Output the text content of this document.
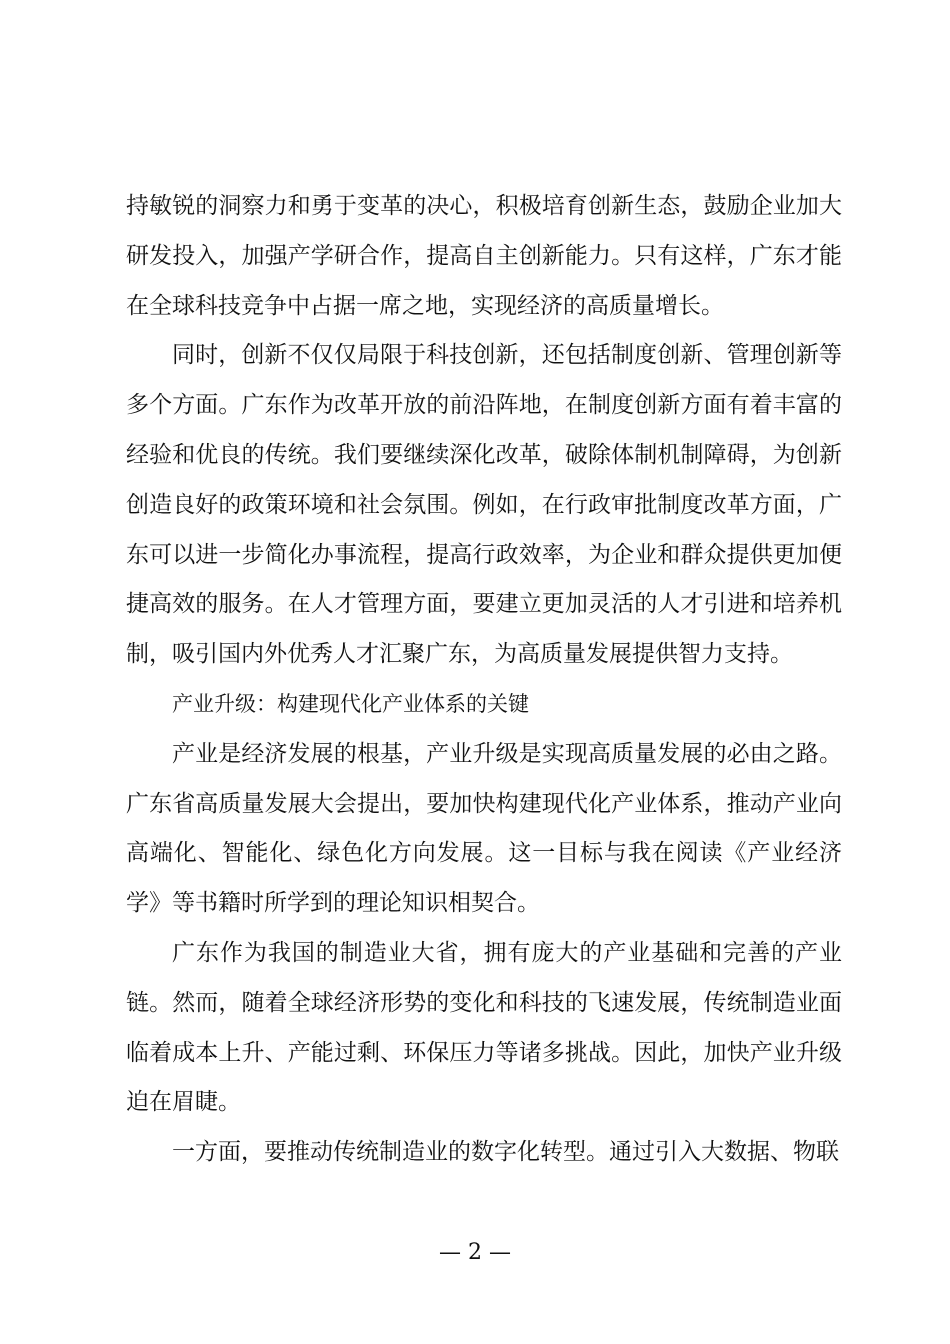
持敏锐的洞察力和勇于变革的决心，积极培育创新生态，鼓励企业加大研发投入，加强产学研合作，提高自主创新能力。只有这样，广东才能在全球科技竞争中占据一席之地，实现经济的高质量增长。

同时，创新不仅仅局限于科技创新，还包括制度创新、管理创新等多个方面。广东作为改革开放的前沿阵地，在制度创新方面有着丰富的经验和优良的传统。我们要继续深化改革，破除体制机制障碍，为创新创造良好的政策环境和社会氛围。例如，在行政审批制度改革方面，广东可以进一步简化办事流程，提高行政效率，为企业和群众提供更加便捷高效的服务。在人才管理方面，要建立更加灵活的人才引进和培养机制，吸引国内外优秀人才汇聚广东，为高质量发展提供智力支持。

产业升级：构建现代化产业体系的关键

产业是经济发展的根基，产业升级是实现高质量发展的必由之路。广东省高质量发展大会提出，要加快构建现代化产业体系，推动产业向高端化、智能化、绿色化方向发展。这一目标与我在阅读《产业经济学》等书籍时所学到的理论知识相契合。

广东作为我国的制造业大省，拥有庞大的产业基础和完善的产业链。然而，随着全球经济形势的变化和科技的飞速发展，传统制造业面临着成本上升、产能过剩、环保压力等诸多挑战。因此，加快产业升级迫在眉睫。

一方面，要推动传统制造业的数字化转型。通过引入大数据、物联

— 2 —
